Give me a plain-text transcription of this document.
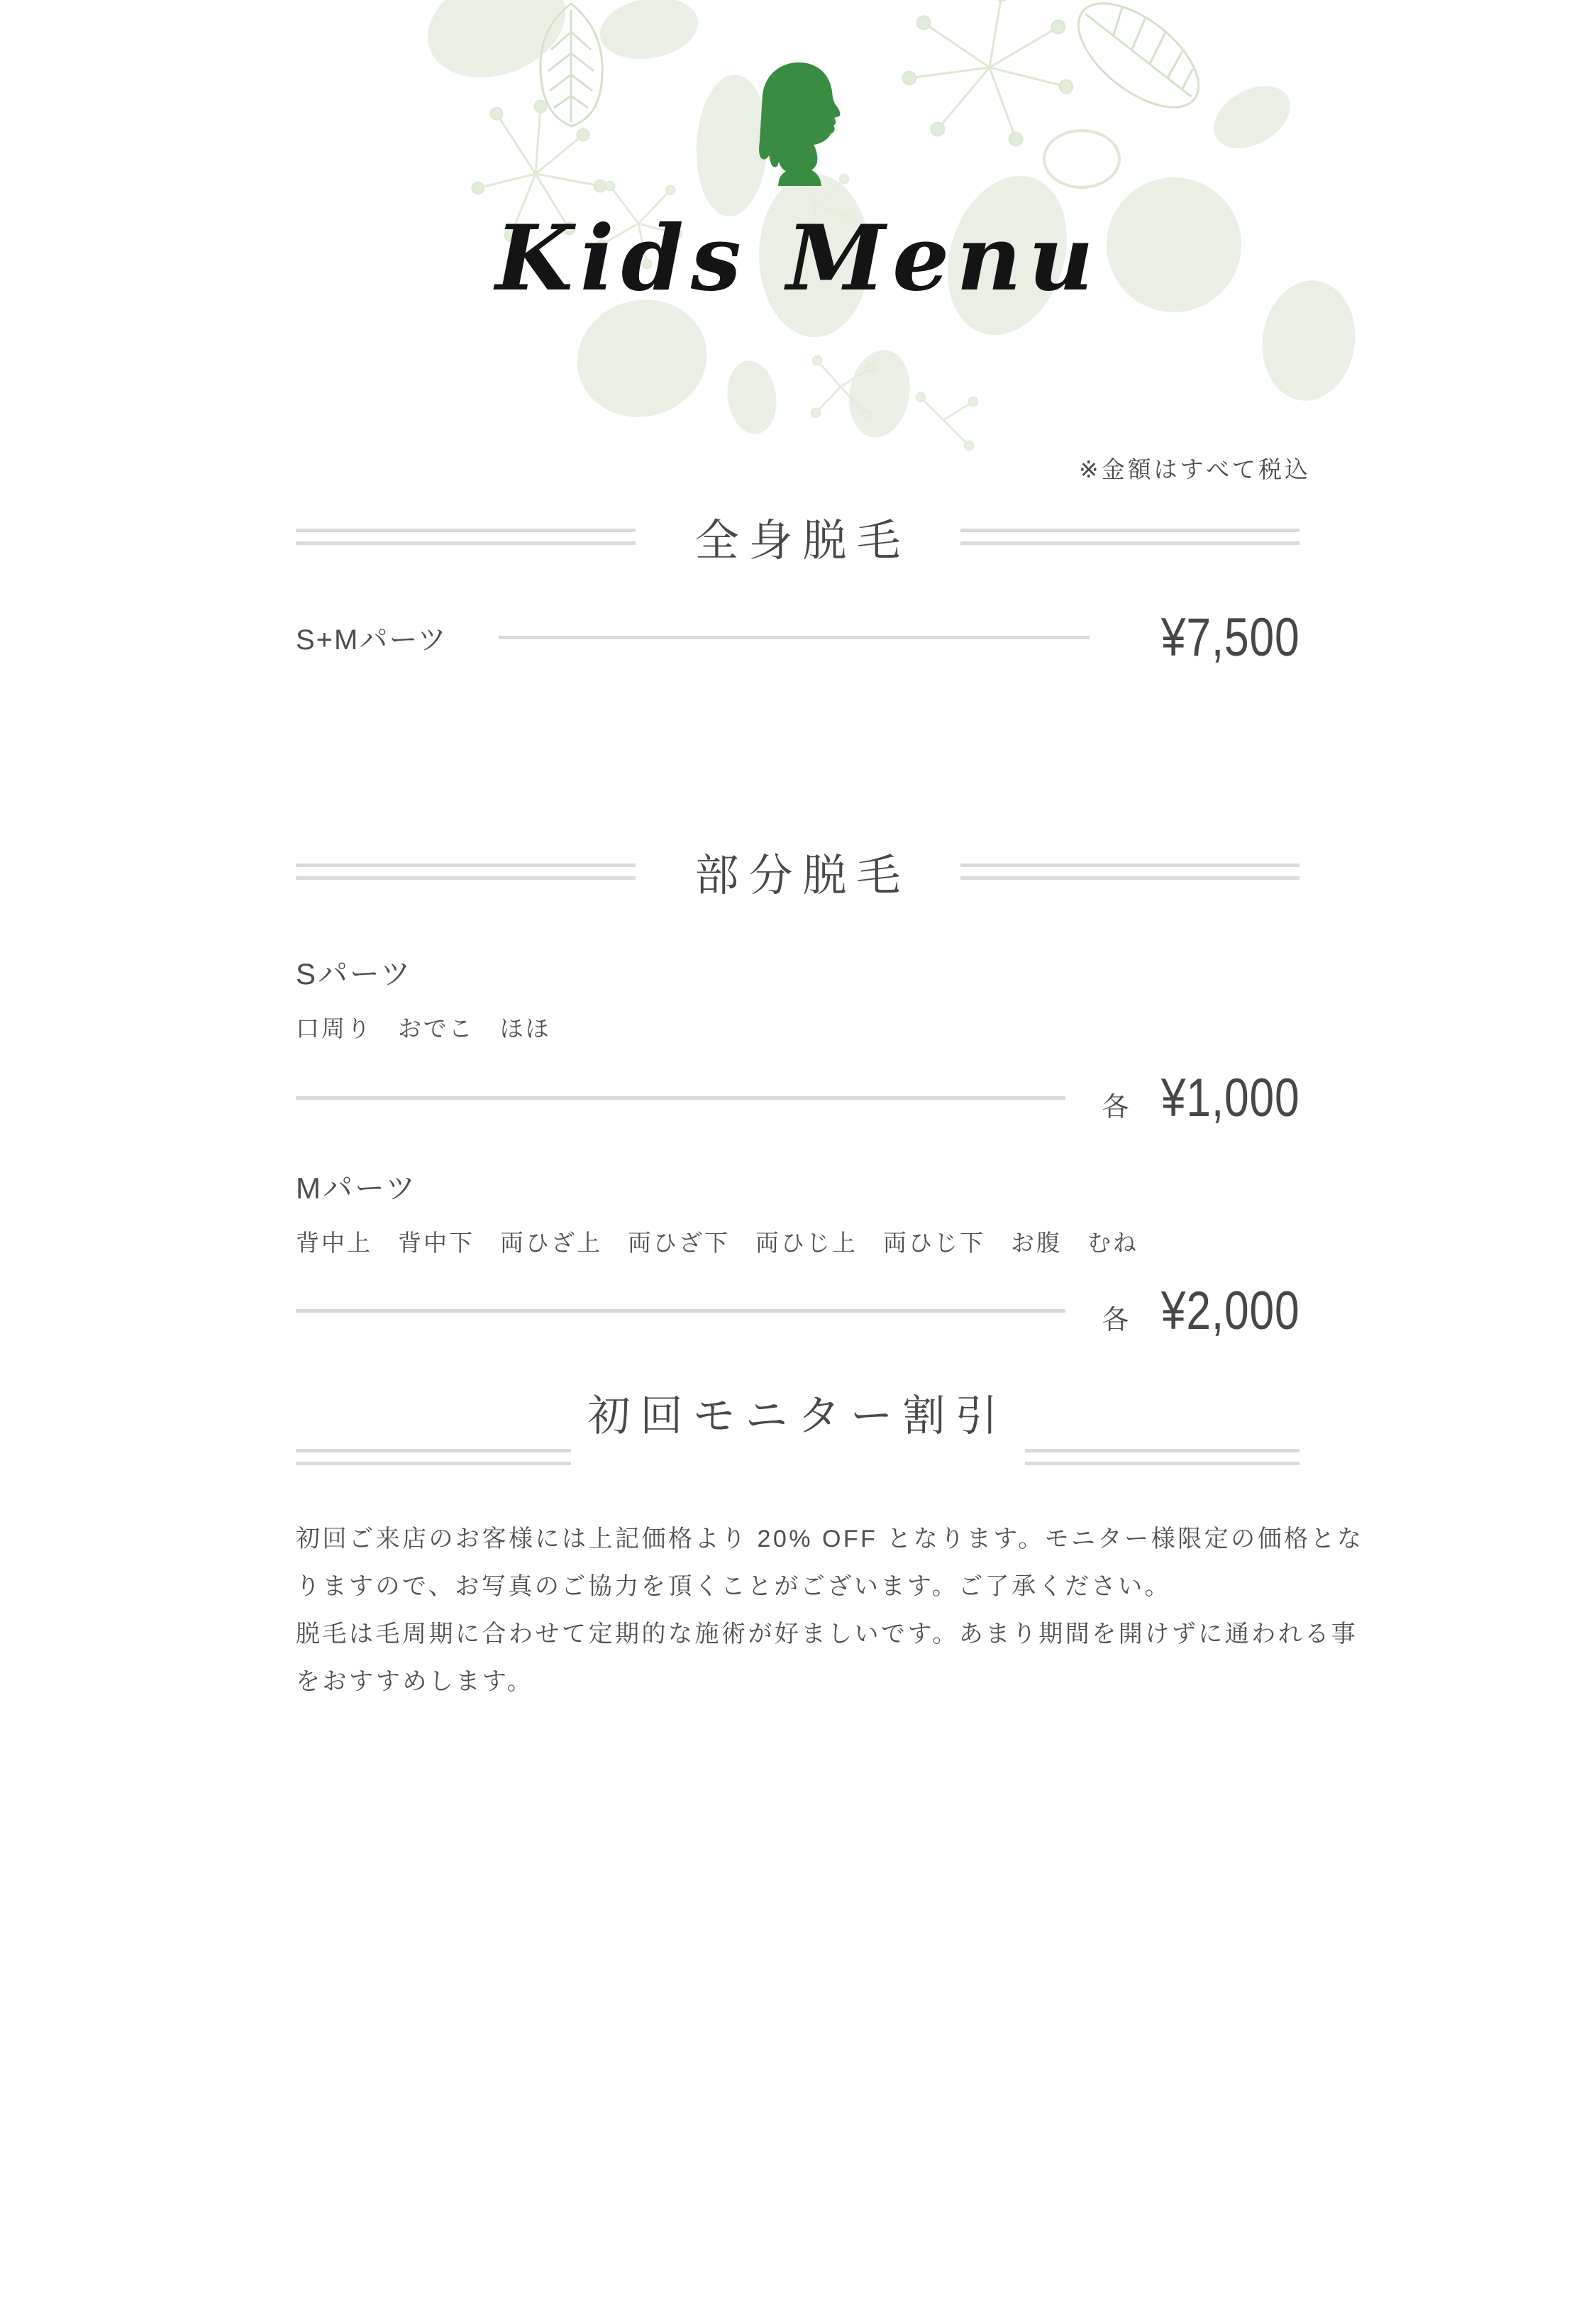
Kids Menu
※金額はすべて税込
全身脱毛
S+Mパーツ	¥7,500
部分脱毛
Sパーツ
口周り　おでこ　ほほ
各 ¥1,000
Mパーツ
背中上　背中下　両ひざ上　両ひざ下　両ひじ上　両ひじ下　お腹　むね
各 ¥2,000
初回モニター割引
初回ご来店のお客様には上記価格より 20% OFF となります。モニター様限定の価格とな
りますので、お写真のご協力を頂くことがございます。ご了承ください。
脱毛は毛周期に合わせて定期的な施術が好ましいです。あまり期間を開けずに通われる事
をおすすめします。
